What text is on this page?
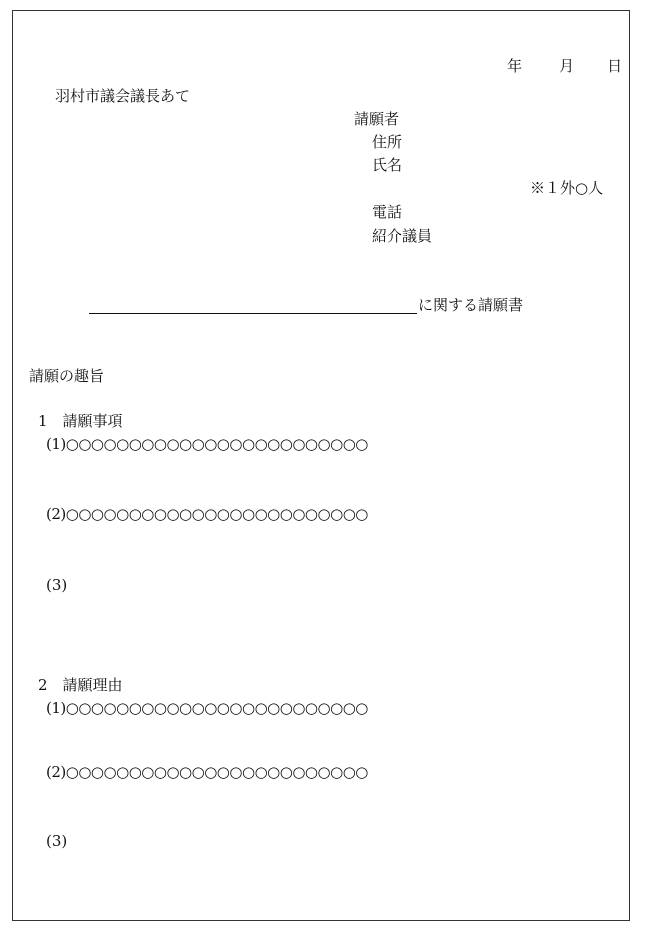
年 月 日

羽村市議会議長あて
請願者
住所
氏名
※１外○人
電話
紹介議員
に関する請願書
請願の趣旨
1　請願事項
(1)○○○○○○○○○○○○○○○○○○○○○○○○
(2)○○○○○○○○○○○○○○○○○○○○○○○○
(3)
2　請願理由
(1)○○○○○○○○○○○○○○○○○○○○○○○○
(2)○○○○○○○○○○○○○○○○○○○○○○○○
(3)
